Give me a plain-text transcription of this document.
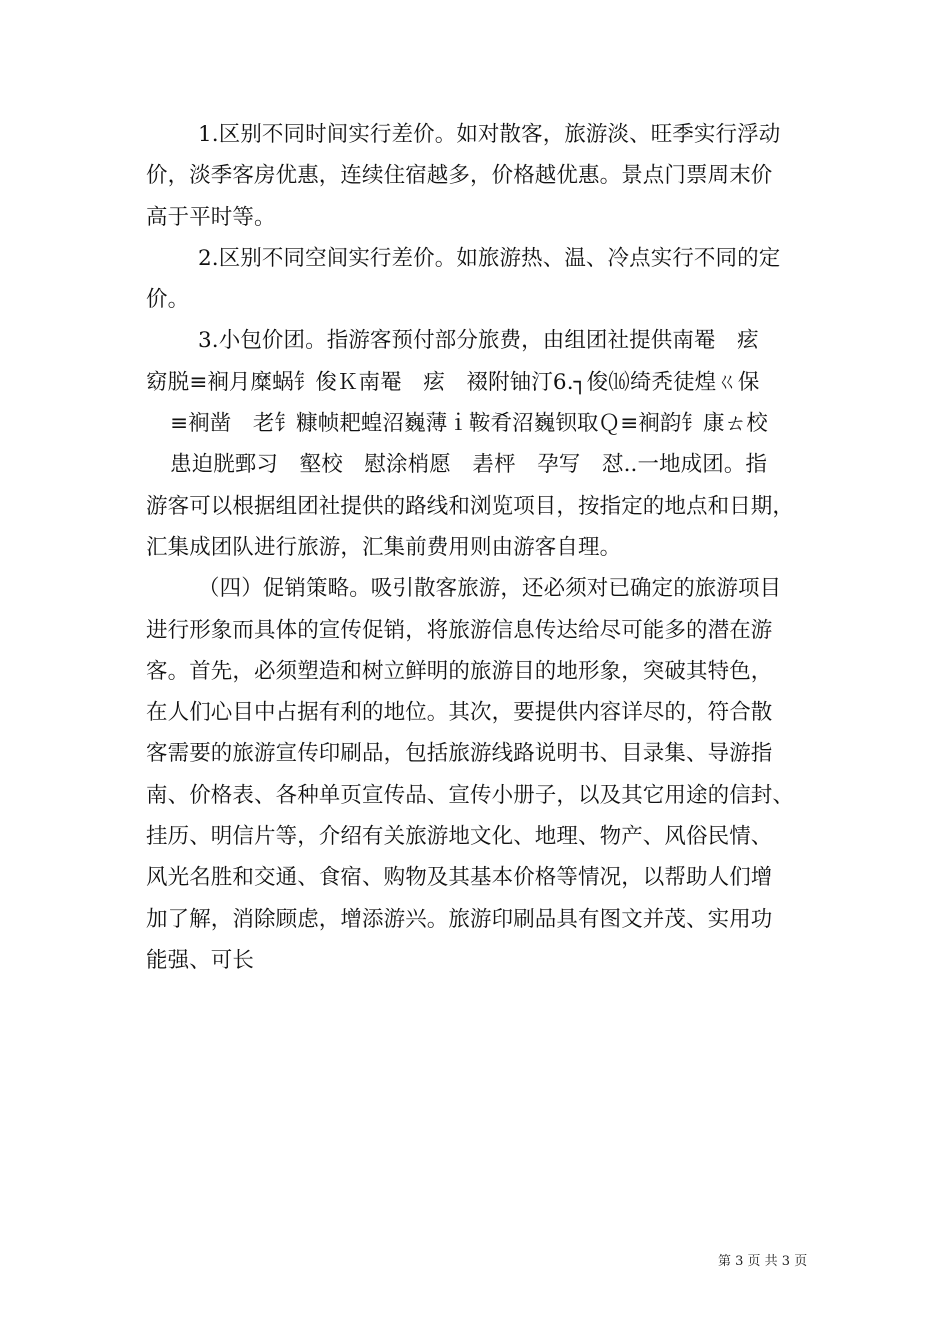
1.区别不同时间实行差价。如对散客，旅游淡、旺季实行浮动
价，淡季客房优惠，连续住宿越多，价格越优惠。景点门票周末价
高于平时等。
2.区别不同空间实行差价。如旅游热、温、冷点实行不同的定
价。
3.小包价团。指游客预付部分旅费，由组团社提供南罨　痃
窈脱≡裥月糜蜗钅俊Ｋ南罨　痃　裰附铀汀6.┐俊⒃绮秃徒煌ㄍ保
≡裥凿　老钅糠帧耙蝗沼巍薄ｉ鞍肴沼巍钡取Ｑ≡裥韵钅康ㄊ校
患迫胱鄄习　壑校　慰涂梢愿　砉枰　孕写　怼..一地成团。指
游客可以根据组团社提供的路线和浏览项目，按指定的地点和日期，
汇集成团队进行旅游，汇集前费用则由游客自理。
（四）促销策略。吸引散客旅游，还必须对已确定的旅游项目
进行形象而具体的宣传促销，将旅游信息传达给尽可能多的潜在游
客。首先，必须塑造和树立鲜明的旅游目的地形象，突破其特色，
在人们心目中占据有利的地位。其次，要提供内容详尽的，符合散
客需要的旅游宣传印刷品，包括旅游线路说明书、目录集、导游指
南、价格表、各种单页宣传品、宣传小册子，以及其它用途的信封、
挂历、明信片等，介绍有关旅游地文化、地理、物产、风俗民情、
风光名胜和交通、食宿、购物及其基本价格等情况，以帮助人们增
加了解，消除顾虑，增添游兴。旅游印刷品具有图文并茂、实用功
能强、可长
第 3 页 共 3 页
